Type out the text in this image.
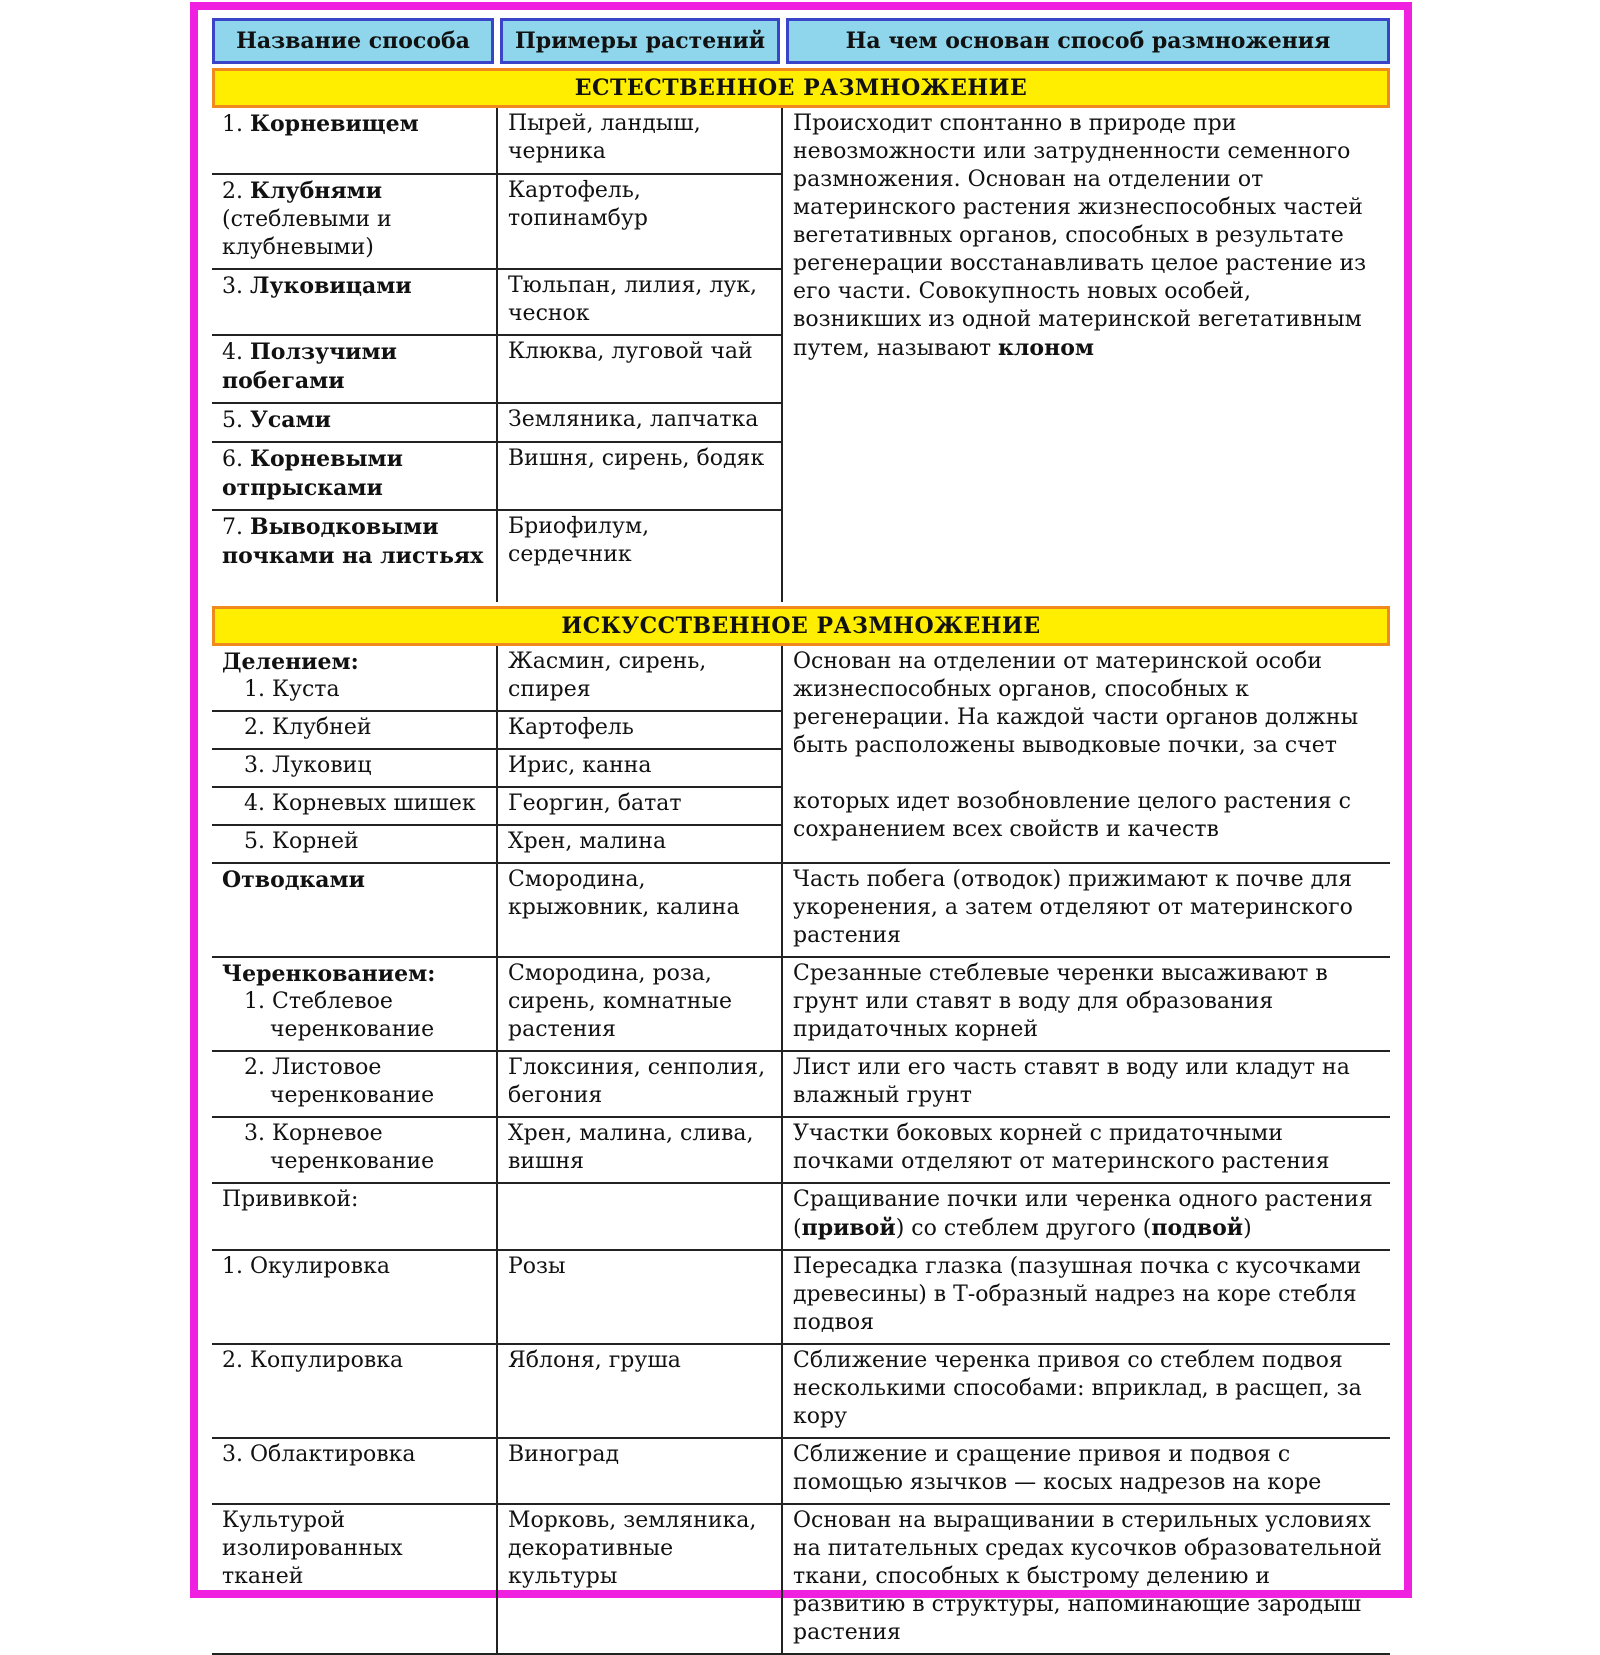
Название способа	Примеры растений	На чем основан способ размножения
ЕСТЕСТВЕННОЕ РАЗМНОЖЕНИЕ
1. Корневищем	Пырей, ландыш, черника	Происходит спонтанно в природе при невозможности или затрудненности семенного размножения. Основан на отделении от материнского растения жизнеспособных частей вегетативных органов, способных в результате регенерации восстанавливать целое растение из его части. Совокупность новых особей, возникших из одной материнской вегетативным путем, называют клоном
2. Клубнями (стеблевыми и клубневыми)	Картофель, топинамбур	
3. Луковицами	Тюльпан, лилия, лук, чеснок	
4. Ползучими побегами	Клюква, луговой чай	
5. Усами	Земляника, лапчатка	
6. Корневыми отпрысками	Вишня, сирень, бодяк	
7. Выводковыми почками на листьях	Бриофилум, сердечник	
ИСКУССТВЕННОЕ РАЗМНОЖЕНИЕ
Делением:
1. Куста	Жасмин, сирень, спирея	Основан на отделении от материнской особи жизнеспособных органов, способных к регенерации. На каждой части органов должны быть расположены выводковые почки, за счет
которых идет возобновление целого растения с сохранением всех свойств и качеств

2. Клубней	Картофель	

3. Луковиц	Ирис, канна	

4. Корневых шишек	Георгин, батат	

5. Корней	Хрен, малина	
Отводками	Смородина, крыжовник, калина	Часть побега (отводок) прижимают к почве для укоренения, а затем отделяют от материнского растения

Черенкованием:
1. Стеблевое черенкование	Смородина, роза, сирень, комнатные растения	Срезанные стеблевые черенки высаживают в грунт или ставят в воду для образования придаточных корней

2. Листовое черенкование	Глоксиния, сенполия, бегония	Лист или его часть ставят в воду или кладут на влажный грунт

3. Корневое черенкование	Хрен, малина, слива, вишня	Участки боковых корней с придаточными почками отделяют от материнского растения
Прививкой:		Сращивание почки или черенка одного растения (привой) со стеблем другого (подвой)
1. Окулировка	Розы	Пересадка глазка (пазушная почка с кусочками древесины) в Т-образный надрез на коре стебля подвоя
2. Копулировка	Яблоня, груша	Сближение черенка привоя со стеблем подвоя несколькими способами: вприклад, в расщеп, за кору
3. Облактировка	Виноград	Сближение и сращение привоя и подвоя с помощью язычков — косых надрезов на коре
Культурой изолированных тканей	Морковь, земляника, декоративные культуры	Основан на выращивании в стерильных условиях на питательных средах кусочков образовательной ткани, способных к быстрому делению и развитию в структуры, напоминающие зародыш растения
